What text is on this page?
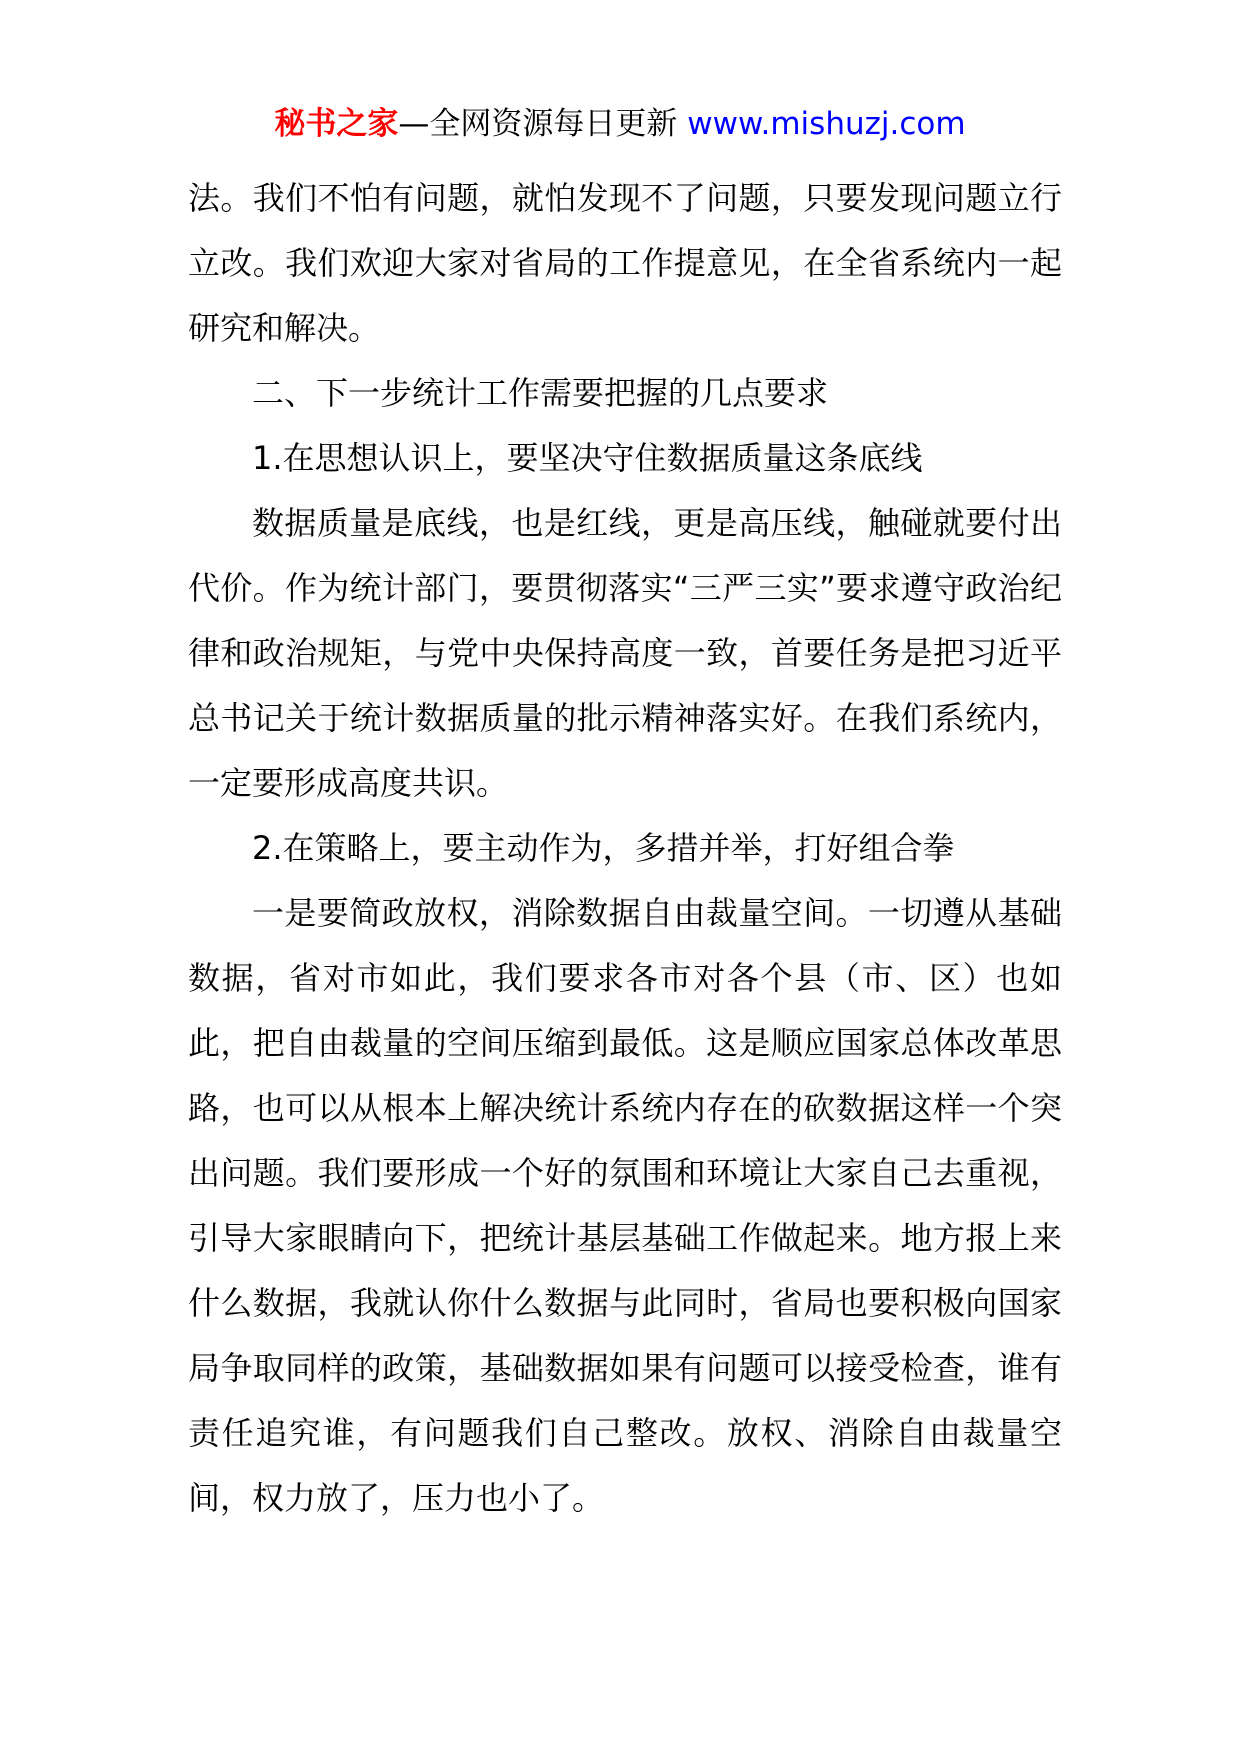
秘书之家—全网资源每日更新 www.mishuzj.com

法。我们不怕有问题，就怕发现不了问题，只要发现问题立行立改。我们欢迎大家对省局的工作提意见，在全省系统内一起研究和解决。

二、下一步统计工作需要把握的几点要求

1.在思想认识上，要坚决守住数据质量这条底线

数据质量是底线，也是红线，更是高压线，触碰就要付出代价。作为统计部门，要贯彻落实“三严三实”要求遵守政治纪律和政治规矩，与党中央保持高度一致，首要任务是把习近平总书记关于统计数据质量的批示精神落实好。在我们系统内，一定要形成高度共识。

2.在策略上，要主动作为，多措并举，打好组合拳

一是要简政放权，消除数据自由裁量空间。一切遵从基础数据，省对市如此，我们要求各市对各个县（市、区）也如此，把自由裁量的空间压缩到最低。这是顺应国家总体改革思路，也可以从根本上解决统计系统内存在的砍数据这样一个突出问题。我们要形成一个好的氛围和环境让大家自己去重视，引导大家眼睛向下，把统计基层基础工作做起来。地方报上来什么数据，我就认你什么数据与此同时，省局也要积极向国家局争取同样的政策，基础数据如果有问题可以接受检查，谁有责任追究谁，有问题我们自己整改。放权、消除自由裁量空间，权力放了，压力也小了。
